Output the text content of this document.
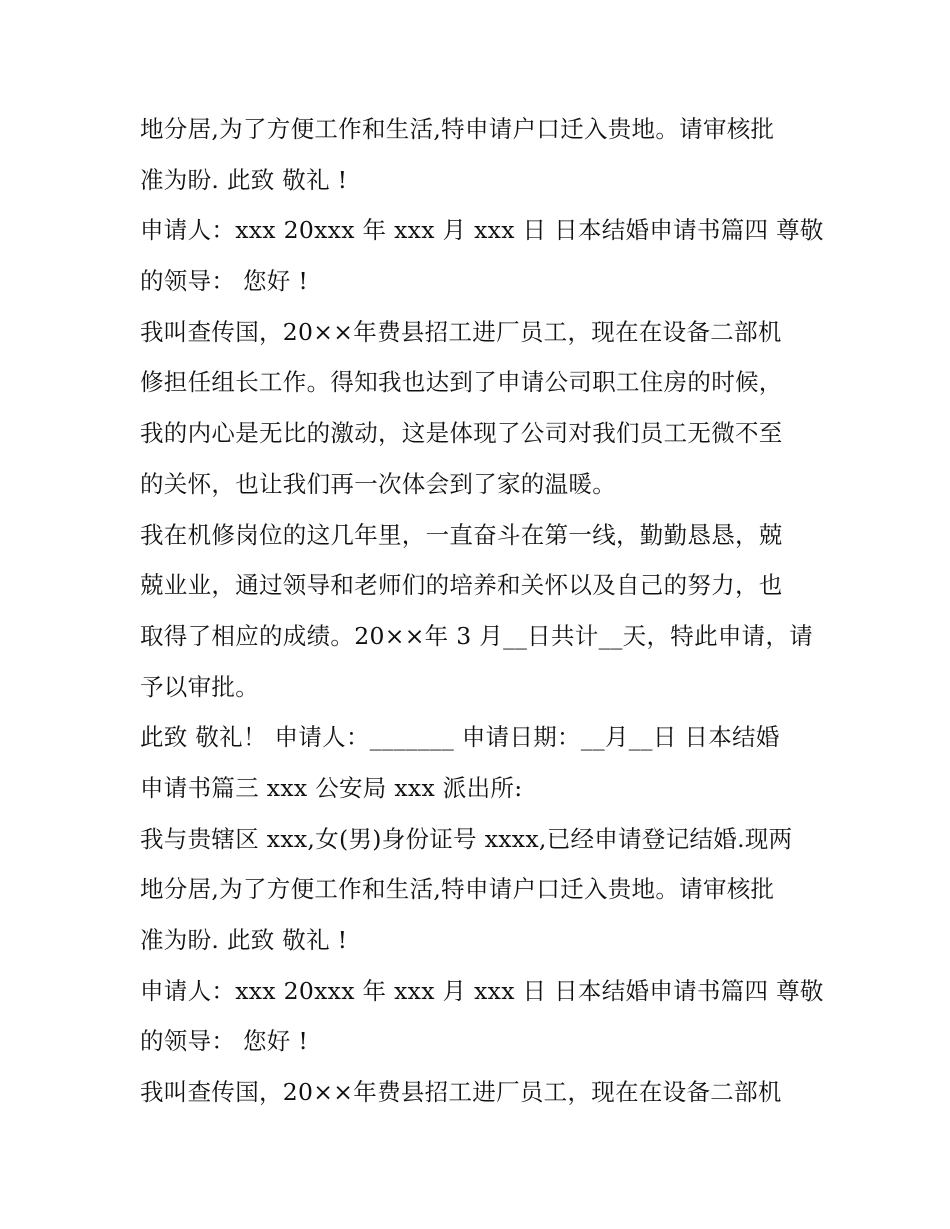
地分居,为了方便工作和生活,特申请户口迁入贵地。请审核批
准为盼. 此致 敬礼 !
申请人：xxx 20xxx 年 xxx 月 xxx 日 日本结婚申请书篇四 尊敬
的领导： 您好 !
我叫查传国，20××年费县招工进厂员工，现在在设备二部机
修担任组长工作。得知我也达到了申请公司职工住房的时候，
我的内心是无比的激动，这是体现了公司对我们员工无微不至
的关怀，也让我们再一次体会到了家的温暖。
我在机修岗位的这几年里，一直奋斗在第一线，勤勤恳恳，兢
兢业业，通过领导和老师们的培养和关怀以及自己的努力，也
取得了相应的成绩。20××年 3 月__日共计__天，特此申请，请
予以审批。
此致 敬礼！ 申请人：_______ 申请日期：__月__日 日本结婚
申请书篇三 xxx 公安局 xxx 派出所:
我与贵辖区 xxx,女(男)身份证号 xxxx,已经申请登记结婚.现两
地分居,为了方便工作和生活,特申请户口迁入贵地。请审核批
准为盼. 此致 敬礼 !
申请人：xxx 20xxx 年 xxx 月 xxx 日 日本结婚申请书篇四 尊敬
的领导： 您好 !
我叫查传国，20××年费县招工进厂员工，现在在设备二部机
